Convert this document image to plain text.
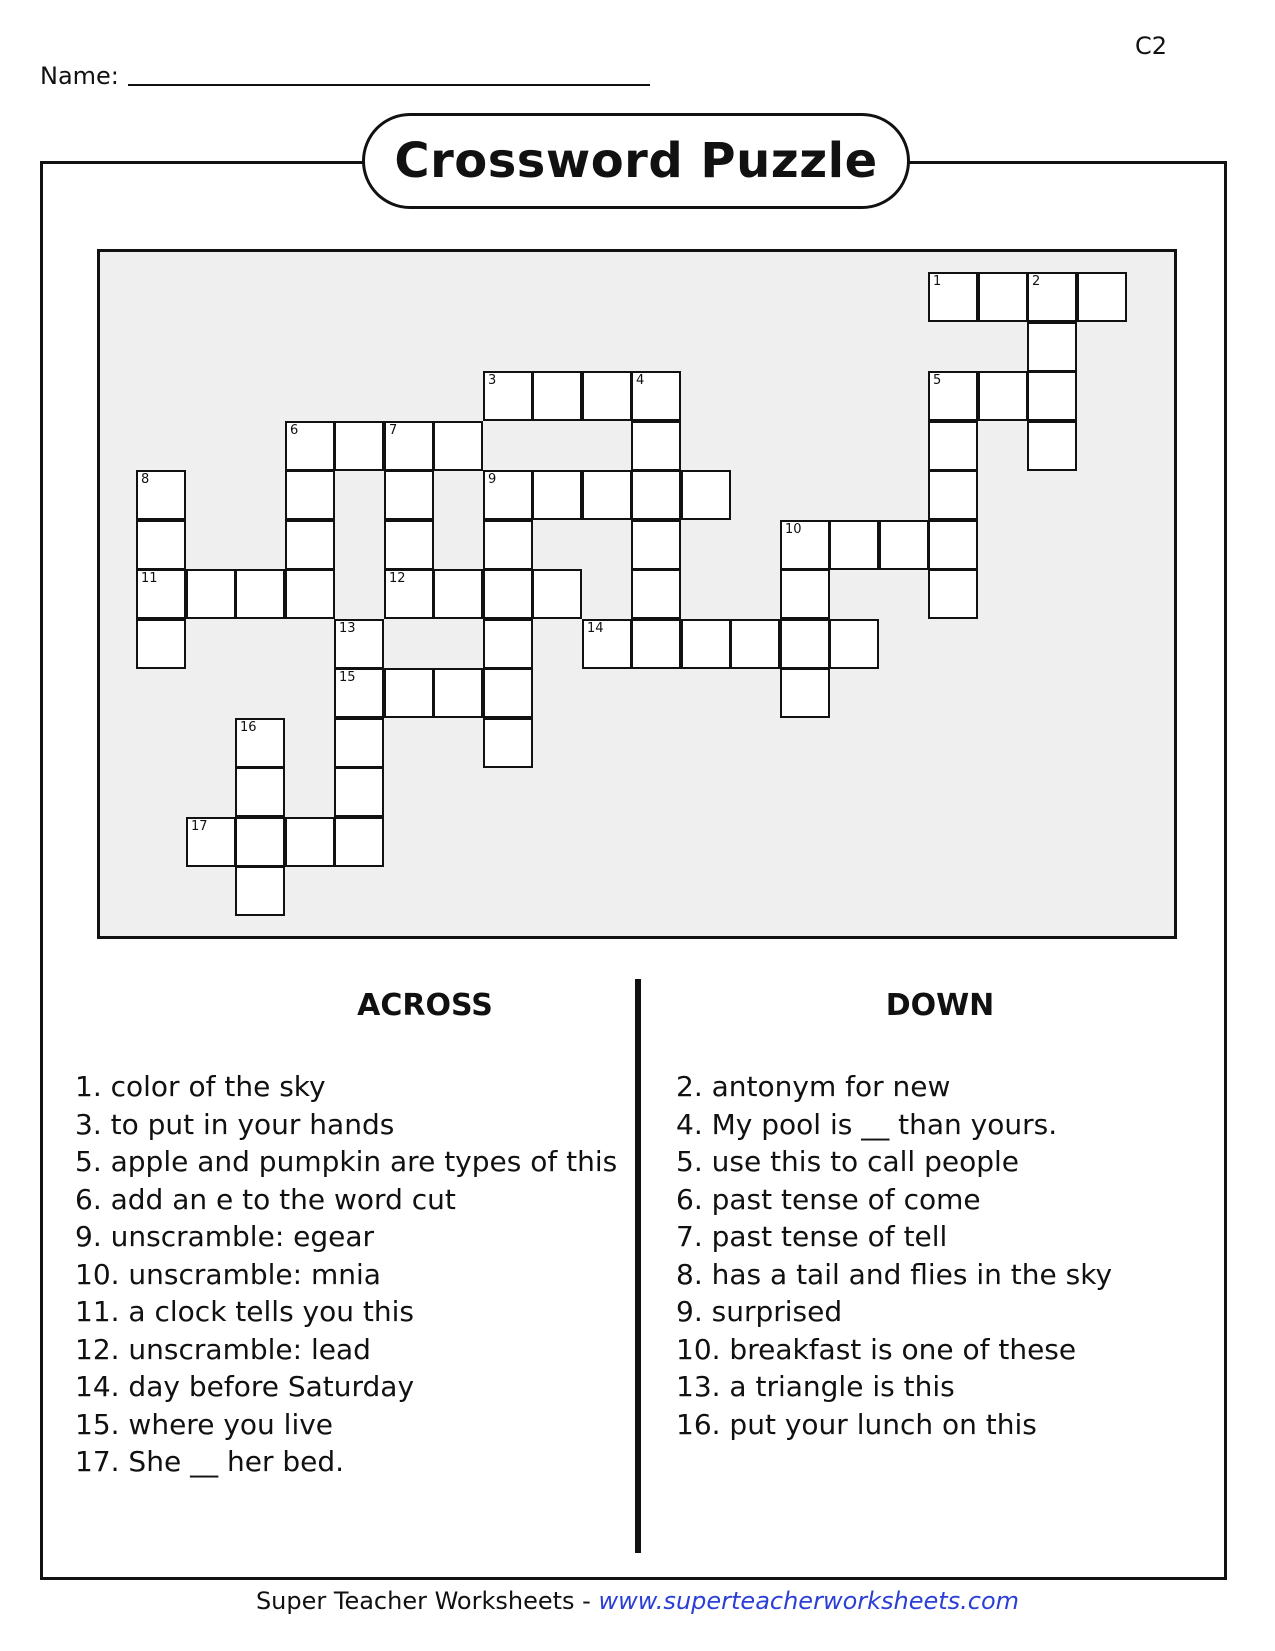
C2
Name:
Crossword Puzzle
1	2
3	4	5
6	7
8	9
10
11	12
13	14
15
16
17
ACROSS	DOWN
1. color of the sky
3. to put in your hands
5. apple and pumpkin are types of this
6. add an e to the word cut
9. unscramble: egear
10. unscramble: mnia
11. a clock tells you this
12. unscramble: lead
14. day before Saturday
15. where you live
17. She __ her bed.
2. antonym for new
4. My pool is __ than yours.
5. use this to call people
6. past tense of come
7. past tense of tell
8. has a tail and flies in the sky
9. surprised
10. breakfast is one of these
13. a triangle is this
16. put your lunch on this
Super Teacher Worksheets - www.superteacherworksheets.com
